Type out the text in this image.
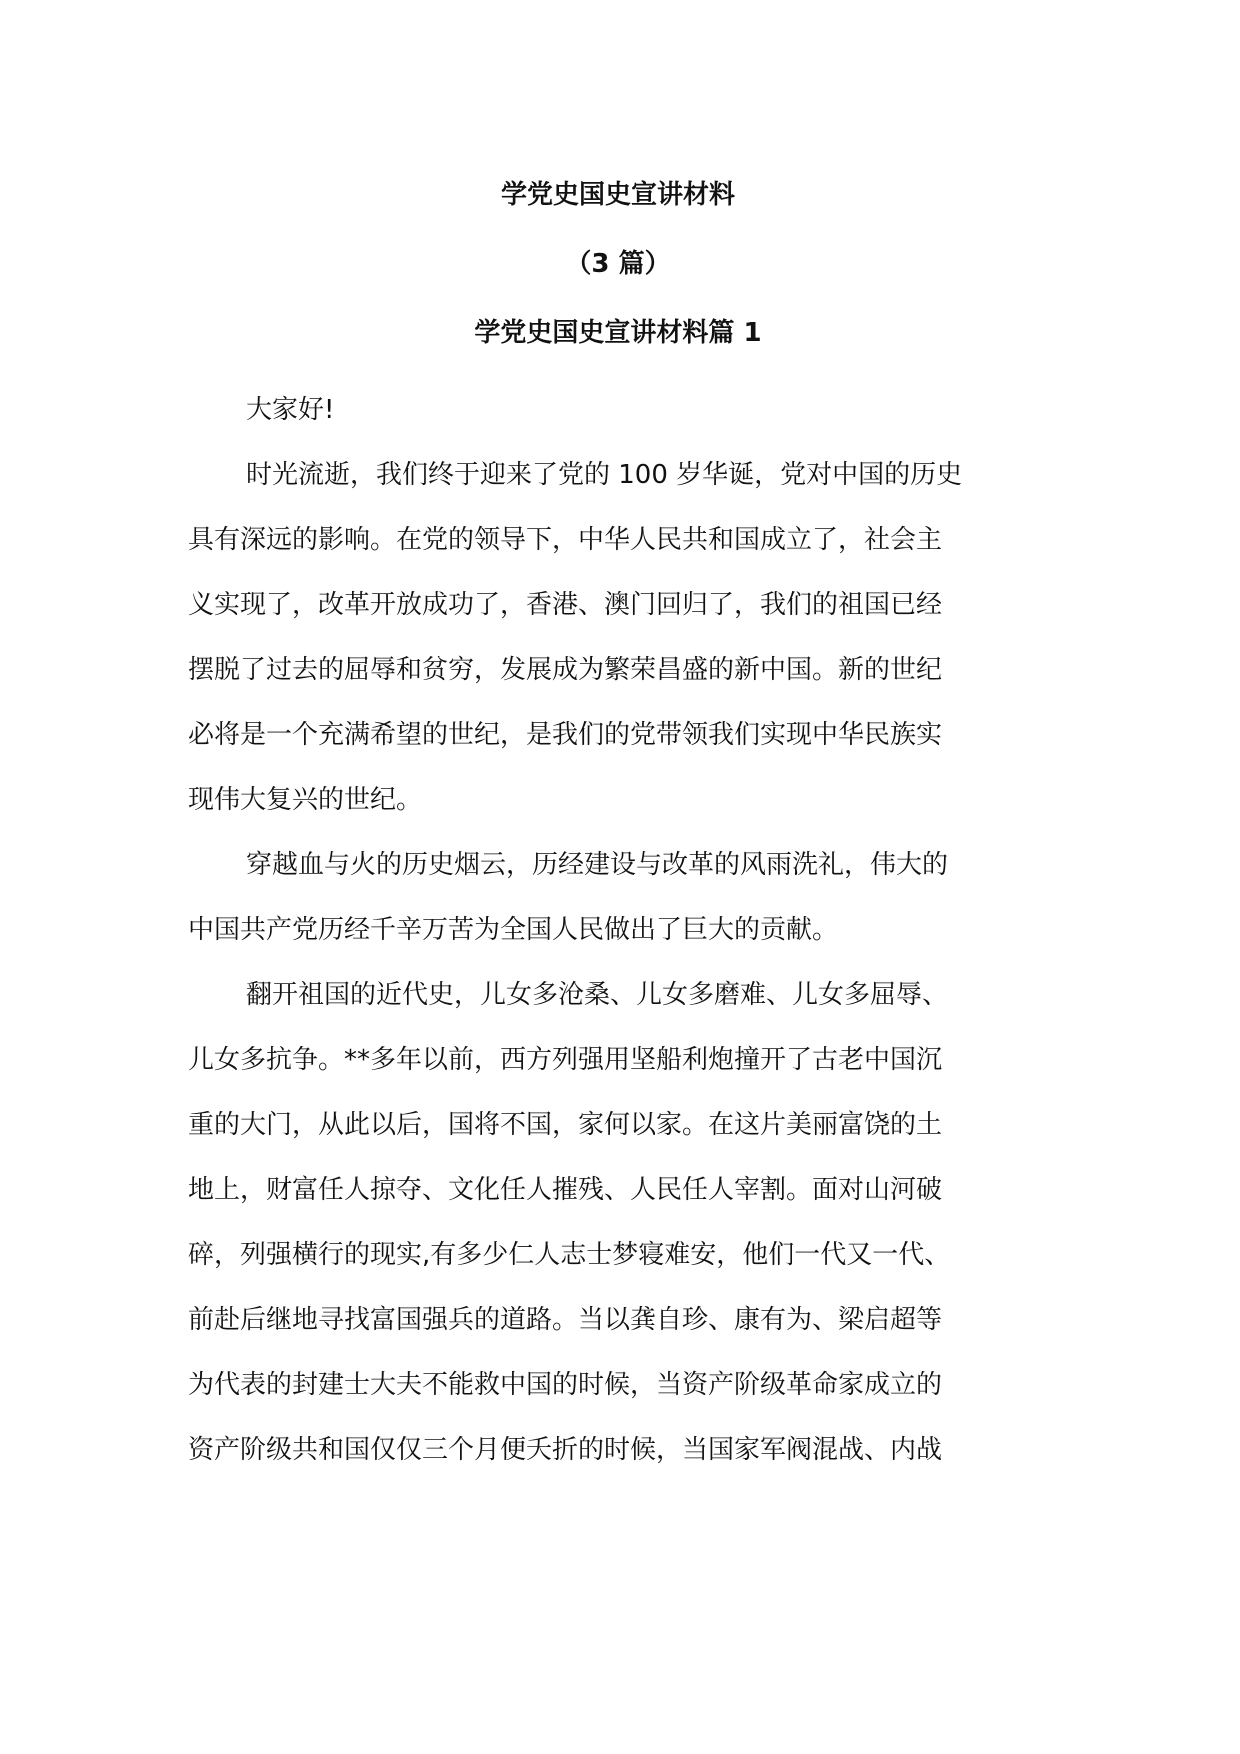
学党史国史宣讲材料
（3 篇）
学党史国史宣讲材料篇 1

大家好!

时光流逝，我们终于迎来了党的 100 岁华诞，党对中国的历史
具有深远的影响。在党的领导下，中华人民共和国成立了，社会主
义实现了，改革开放成功了，香港、澳门回归了，我们的祖国已经
摆脱了过去的屈辱和贫穷，发展成为繁荣昌盛的新中国。新的世纪
必将是一个充满希望的世纪，是我们的党带领我们实现中华民族实
现伟大复兴的世纪。

穿越血与火的历史烟云，历经建设与改革的风雨洗礼，伟大的
中国共产党历经千辛万苦为全国人民做出了巨大的贡献。

翻开祖国的近代史，儿女多沧桑、儿女多磨难、儿女多屈辱、
儿女多抗争。**多年以前，西方列强用坚船利炮撞开了古老中国沉
重的大门，从此以后，国将不国，家何以家。在这片美丽富饶的土
地上，财富任人掠夺、文化任人摧残、人民任人宰割。面对山河破
碎，列强横行的现实,有多少仁人志士梦寝难安，他们一代又一代、
前赴后继地寻找富国强兵的道路。当以龚自珍、康有为、梁启超等
为代表的封建士大夫不能救中国的时候，当资产阶级革命家成立的
资产阶级共和国仅仅三个月便夭折的时候，当国家军阀混战、内战
